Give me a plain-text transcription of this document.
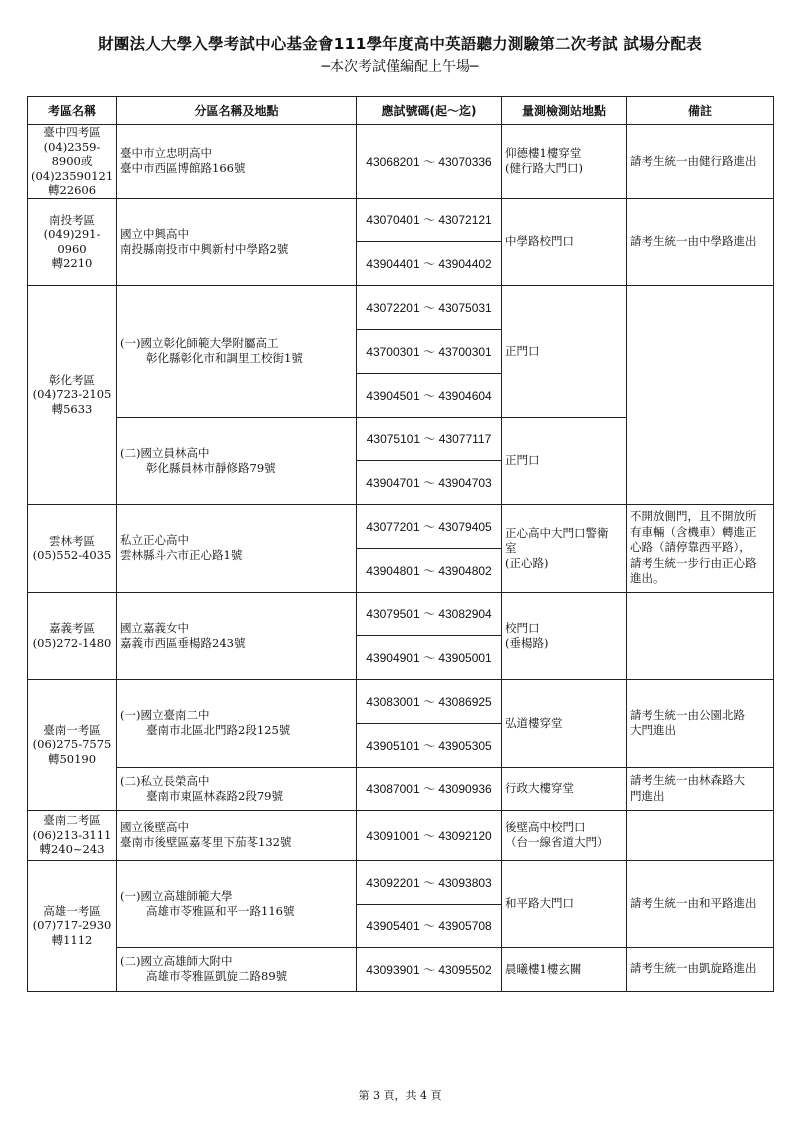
財團法人大學入學考試中心基金會111學年度高中英語聽力測驗第二次考試 試場分配表
─本次考試僅編配上午場─
考區名稱	分區名稱及地點	應試號碼(起～迄)	量測檢測站地點	備註

臺中四考區
(04)2359-8900或
(04)23590121
轉22606	臺中市立忠明高中
臺中市西區博館路166號	43068201 ～ 43070336	仰德樓1樓穿堂
(健行路大門口)	請考生統一由健行路進出

南投考區
(049)291-0960
轉2210	國立中興高中
南投縣南投市中興新村中學路2號	43070401 ～ 43072121	中學路校門口	請考生統一由中學路進出

		43904401 ～ 43904402		

彰化考區
(04)723-2105
轉5633	(一)國立彰化師範大學附屬高工
彰化縣彰化市和調里工校街1號	43072201 ～ 43075031	正門口	

		43700301 ～ 43700301		
		43904501 ～ 43904604		

	(二)國立員林高中
彰化縣員林市靜修路79號	43075101 ～ 43077117	正門口	

		43904701 ～ 43904703		

雲林考區
(05)552-4035	私立正心高中
雲林縣斗六市正心路1號	43077201 ～ 43079405	正心高中大門口警衛
室
(正心路)	不開放側門，且不開放所
有車輛（含機車）轉進正
心路（請停靠西平路），
請考生統一步行由正心路
進出。

		43904801 ～ 43904802		

嘉義考區
(05)272-1480	國立嘉義女中
嘉義市西區垂楊路243號	43079501 ～ 43082904	校門口
(垂楊路)	

		43904901 ～ 43905001		

臺南一考區
(06)275-7575
轉50190	(一)國立臺南二中
臺南市北區北門路2段125號	43083001 ～ 43086925	弘道樓穿堂	請考生統一由公園北路
大門進出

		43905101 ～ 43905305		

	(二)私立長榮高中
臺南市東區林森路2段79號	43087001 ～ 43090936	行政大樓穿堂	請考生統一由林森路大
門進出

臺南二考區
(06)213-3111
轉240~243	國立後壁高中
臺南市後壁區嘉苳里下茄苳132號	43091001 ～ 43092120	後壁高中校門口
（台一線省道大門）	

高雄一考區
(07)717-2930
轉1112	(一)國立高雄師範大學
高雄市苓雅區和平一路116號	43092201 ～ 43093803	和平路大門口	請考生統一由和平路進出

		43905401 ～ 43905708		

	(二)國立高雄師大附中
高雄市苓雅區凱旋二路89號	43093901 ～ 43095502	晨曦樓1樓玄關	請考生統一由凱旋路進出
第 3 頁，共 4 頁
